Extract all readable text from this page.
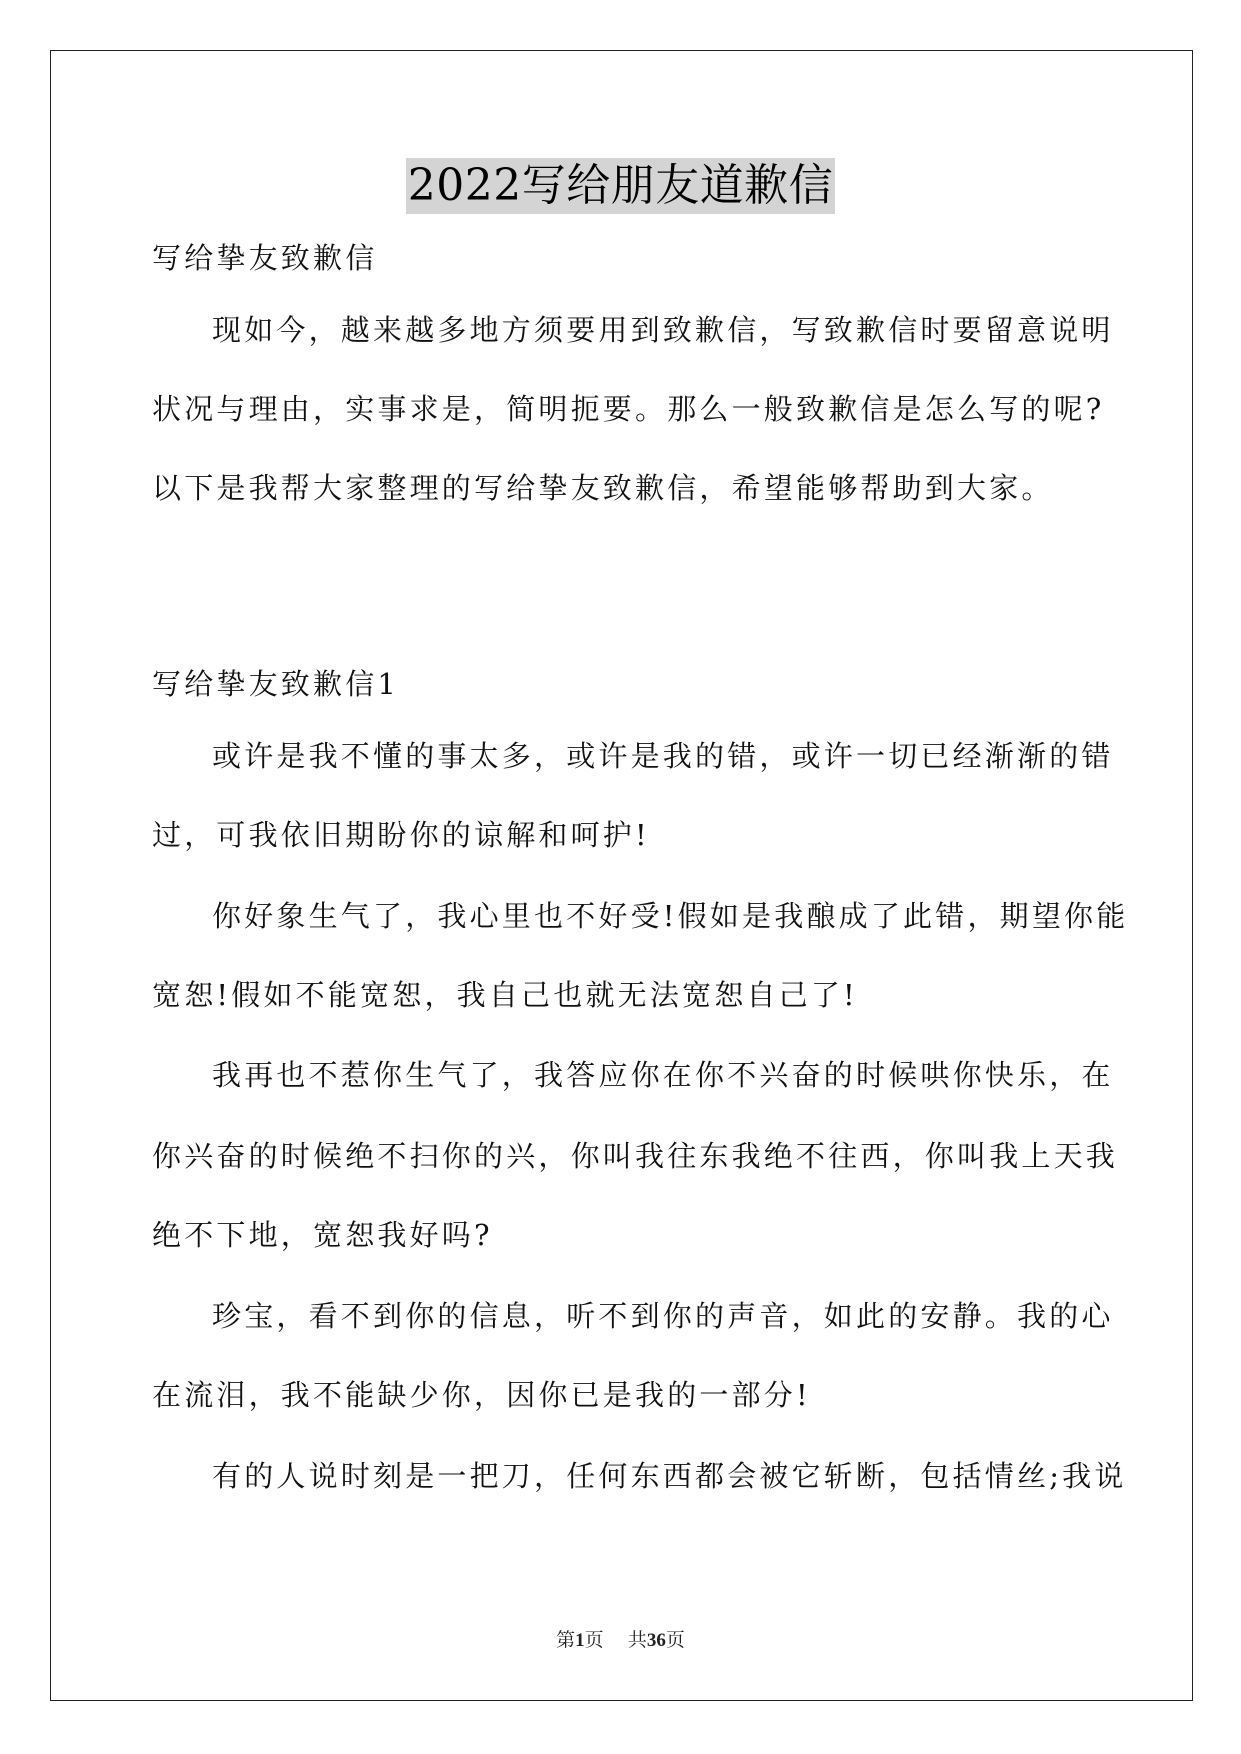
2022写给朋友道歉信
写给挚友致歉信
现如今，越来越多地方须要用到致歉信，写致歉信时要留意说明
状况与理由，实事求是，简明扼要。那么一般致歉信是怎么写的呢?
以下是我帮大家整理的写给挚友致歉信，希望能够帮助到大家。
写给挚友致歉信1
或许是我不懂的事太多，或许是我的错，或许一切已经渐渐的错
过，可我依旧期盼你的谅解和呵护!
你好象生气了，我心里也不好受!假如是我酿成了此错，期望你能
宽恕!假如不能宽恕，我自己也就无法宽恕自己了!
我再也不惹你生气了，我答应你在你不兴奋的时候哄你快乐，在
你兴奋的时候绝不扫你的兴，你叫我往东我绝不往西，你叫我上天我
绝不下地，宽恕我好吗?
珍宝，看不到你的信息，听不到你的声音，如此的安静。我的心
在流泪，我不能缺少你，因你已是我的一部分!
有的人说时刻是一把刀，任何东西都会被它斩断，包括情丝;我说
第1页 共36页
